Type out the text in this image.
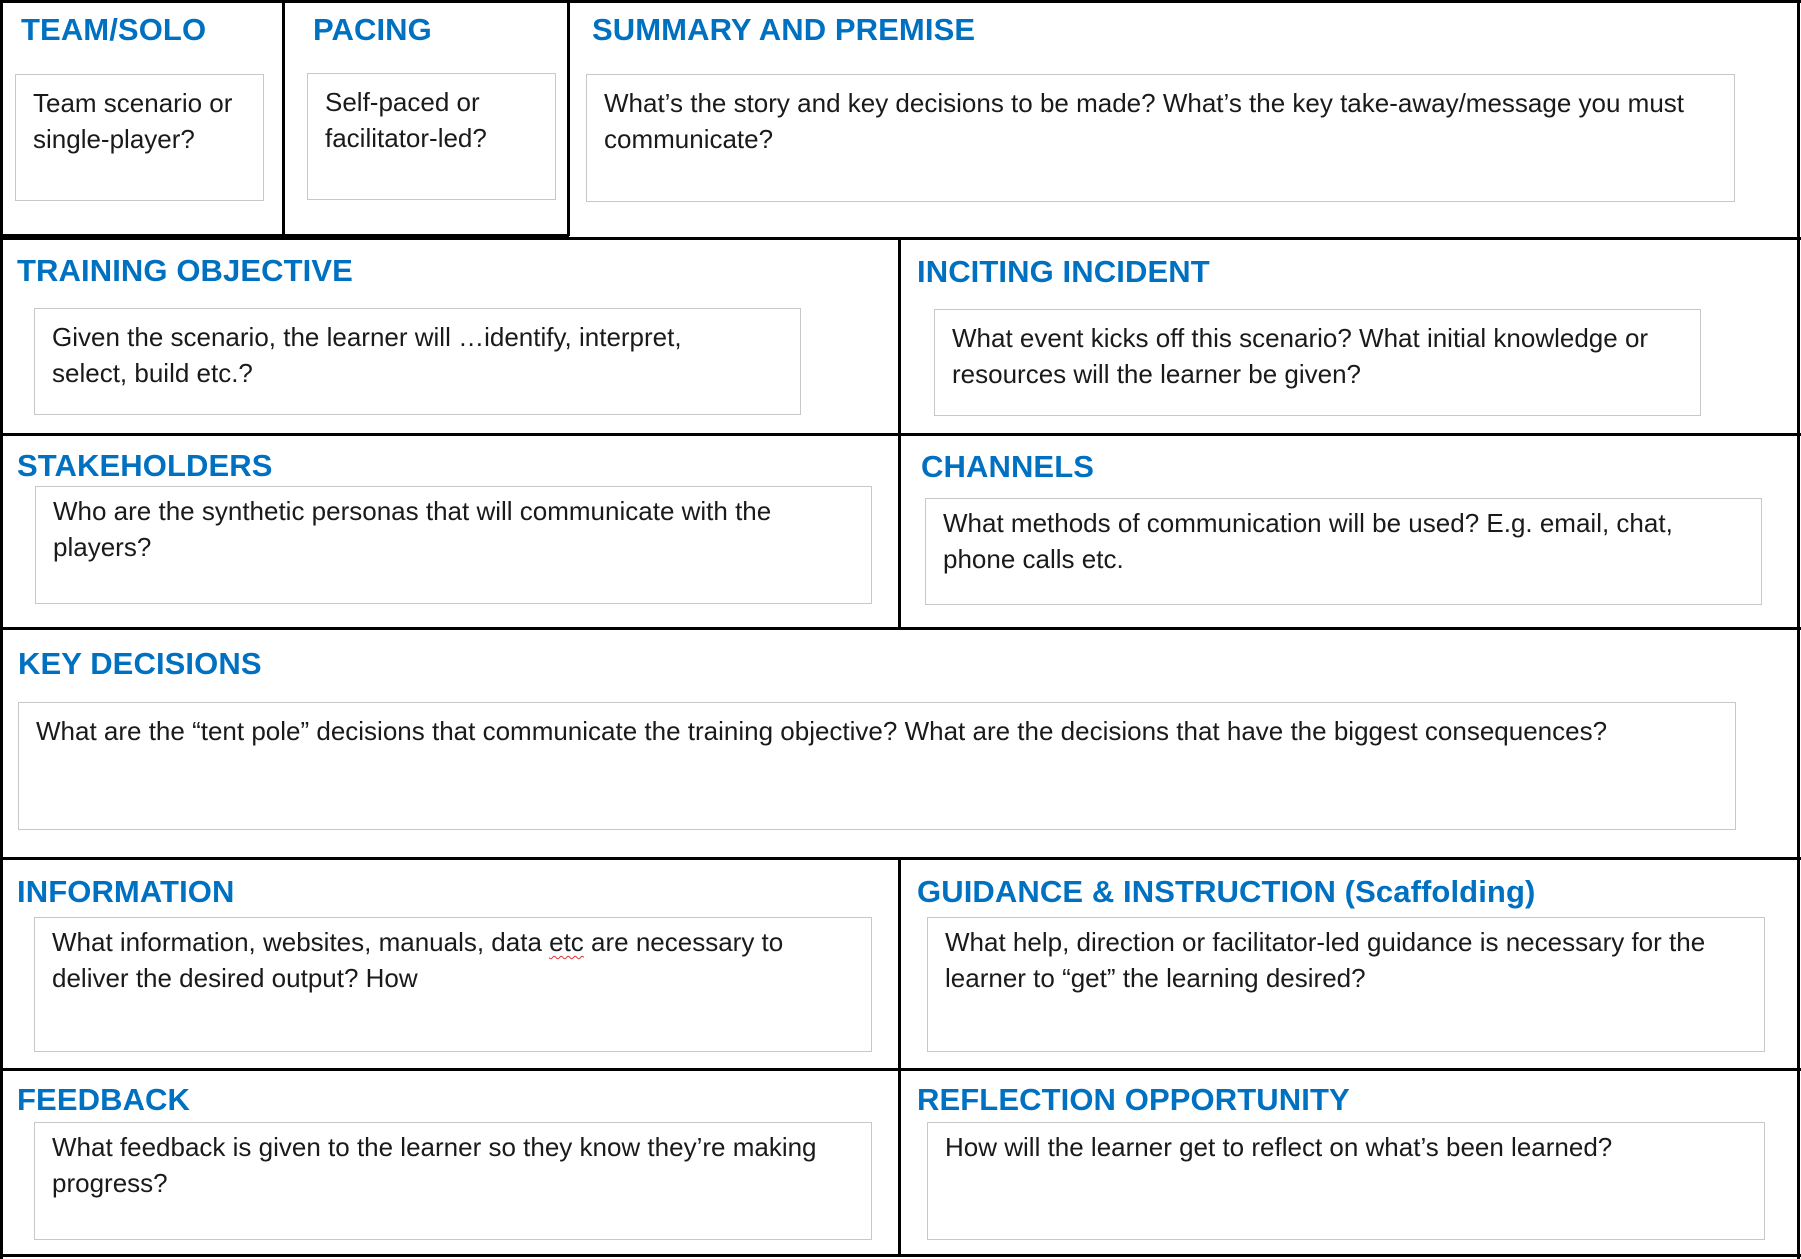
TEAM/SOLO
Team scenario or single-player?
PACING
Self-paced or facilitator-led?
SUMMARY AND PREMISE
What’s the story and key decisions to be made? What’s the key take-away/message you must communicate?
TRAINING OBJECTIVE
Given the scenario, the learner will …identify, interpret, select, build etc.?
INCITING INCIDENT
What event kicks off this scenario? What initial knowledge or resources will the learner be given?
STAKEHOLDERS
Who are the synthetic personas that will communicate with the players?
CHANNELS
What methods of communication will be used? E.g. email, chat, phone calls etc.
KEY DECISIONS
What are the “tent pole” decisions that communicate the training objective? What are the decisions that have the biggest consequences?
INFORMATION
What information, websites, manuals, data etc are necessary to deliver the desired output? How
GUIDANCE & INSTRUCTION (Scaffolding)
What help, direction or facilitator-led guidance is necessary for the learner to “get” the learning desired?
FEEDBACK
What feedback is given to the learner so they know they’re making progress?
REFLECTION OPPORTUNITY
How will the learner get to reflect on what’s been learned?
